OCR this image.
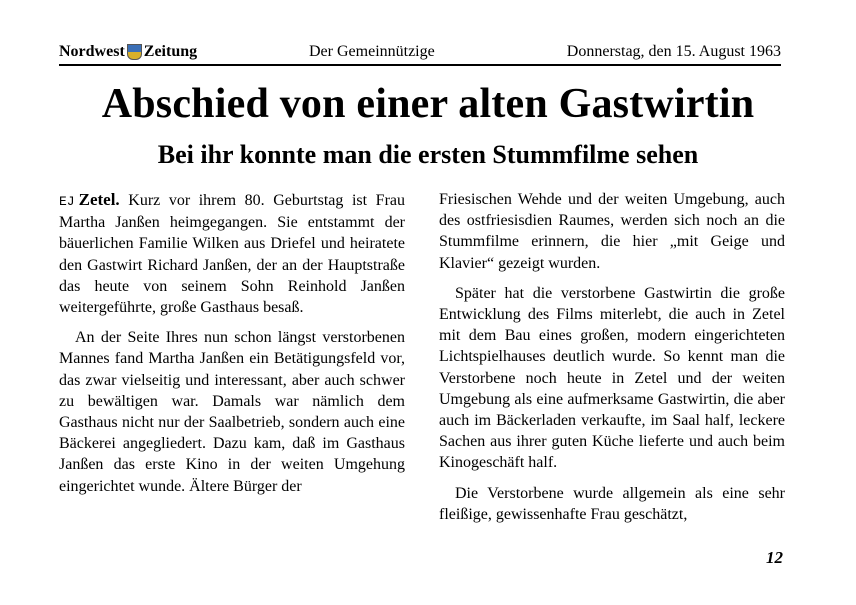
Nordwest Zeitung	Der Gemeinnützige	Donnerstag, den 15. August 1963
Abschied von einer alten Gastwirtin
Bei ihr konnte man die ersten Stummfilme sehen

EJ Zetel. Kurz vor ihrem 80. Geburtstag ist Frau Martha Janßen heimgegangen. Sie entstammt der bäuerlichen Familie Wilken aus Driefel und heiratete den Gastwirt Richard Janßen, der an der Hauptstraße das heute von seinem Sohn Reinhold Janßen weitergeführte, große Gasthaus besaß.

An der Seite Ihres nun schon längst verstorbenen Mannes fand Martha Janßen ein Betätigungsfeld vor, das zwar vielseitig und interessant, aber auch schwer zu bewältigen war. Damals war nämlich dem Gasthaus nicht nur der Saalbetrieb, sondern auch eine Bäckerei angegliedert. Dazu kam, daß im Gasthaus Janßen das erste Kino in der weiten Umgehung eingerichtet wunde. Ältere Bürger der

Friesischen Wehde und der weiten Umgebung, auch des ostfriesisdien Raumes, werden sich noch an die Stummfilme erinnern, die hier „mit Geige und Klavier“ gezeigt wurden.

Später hat die verstorbene Gastwirtin die große Entwicklung des Films miterlebt, die auch in Zetel mit dem Bau eines großen, modern eingerichteten Lichtspielhauses deutlich wurde. So kennt man die Verstorbene noch heute in Zetel und der weiten Umgebung als eine aufmerksame Gastwirtin, die aber auch im Bäckerladen verkaufte, im Saal half, leckere Sachen aus ihrer guten Küche lieferte und auch beim Kinogeschäft half.

Die Verstorbene wurde allgemein als eine sehr fleißige, gewissenhafte Frau geschätzt,

12
